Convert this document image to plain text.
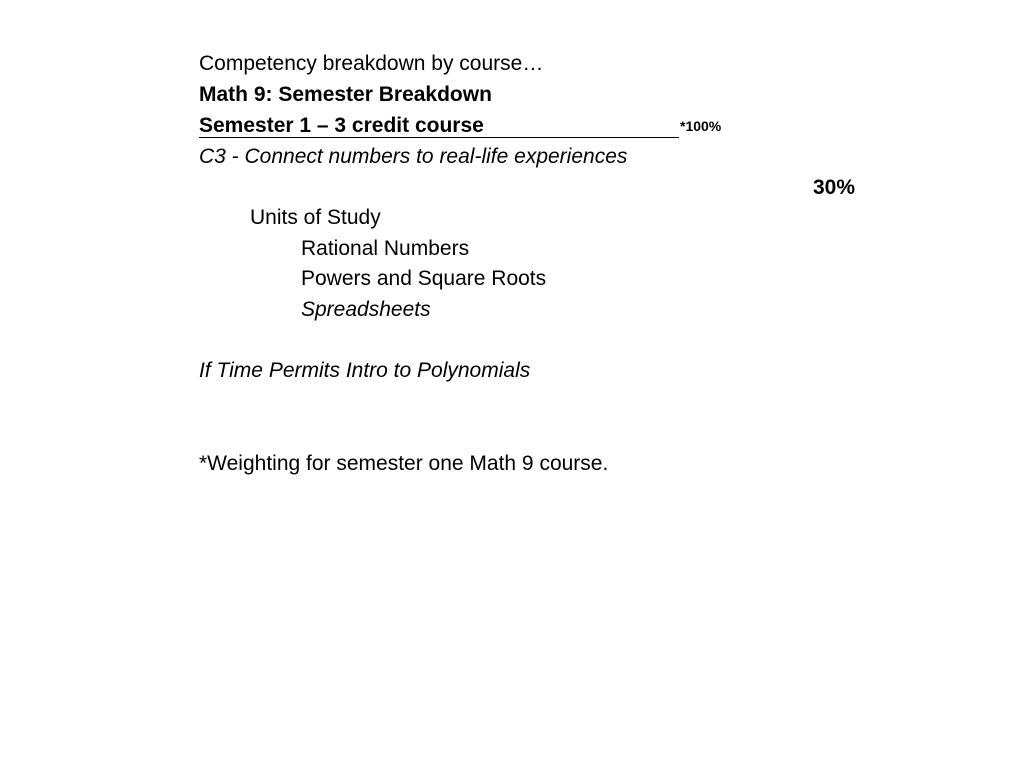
Competency breakdown by course…
Math 9: Semester Breakdown
Semester 1 – 3 credit course	$^{*100\%}$
C3 - Connect numbers to real-life experiences
30%
Units of Study
Rational Numbers
Powers and Square Roots
Spreadsheets
If Time Permits Intro to Polynomials
*Weighting for semester one Math 9 course.
